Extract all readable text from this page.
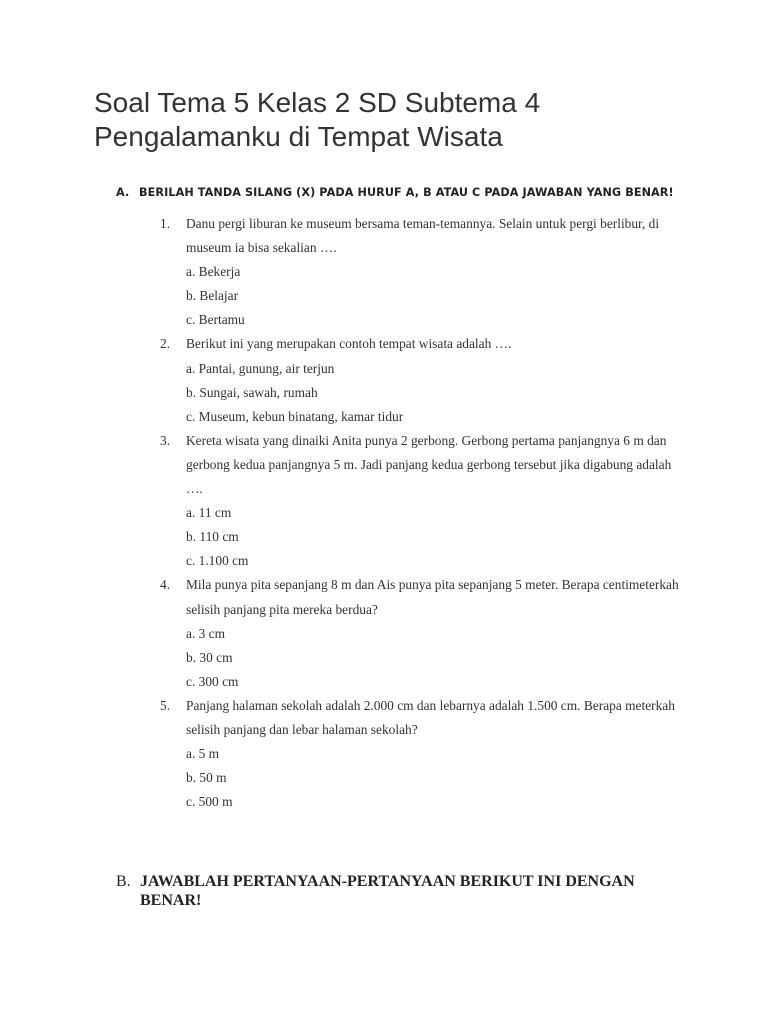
Soal Tema 5 Kelas 2 SD Subtema 4
Pengalamanku di Tempat Wisata
A. BERILAH TANDA SILANG (X) PADA HURUF A, B ATAU C PADA JAWABAN YANG BENAR!
1. Danu pergi liburan ke museum bersama teman-temannya. Selain untuk pergi berlibur, di museum ia bisa sekalian ….
a. Bekerja
b. Belajar
c. Bertamu
2. Berikut ini yang merupakan contoh tempat wisata adalah ….
a. Pantai, gunung, air terjun
b. Sungai, sawah, rumah
c. Museum, kebun binatang, kamar tidur
3. Kereta wisata yang dinaiki Anita punya 2 gerbong. Gerbong pertama panjangnya 6 m dan gerbong kedua panjangnya 5 m. Jadi panjang kedua gerbong tersebut jika digabung adalah ….
a. 11 cm
b. 110 cm
c. 1.100 cm
4. Mila punya pita sepanjang 8 m dan Ais punya pita sepanjang 5 meter. Berapa centimeterkah selisih panjang pita mereka berdua?
a. 3 cm
b. 30 cm
c. 300 cm
5. Panjang halaman sekolah adalah 2.000 cm dan lebarnya adalah 1.500 cm. Berapa meterkah selisih panjang dan lebar halaman sekolah?
a. 5 m
b. 50 m
c. 500 m
B. JAWABLAH PERTANYAAN-PERTANYAAN BERIKUT INI DENGAN BENAR!
